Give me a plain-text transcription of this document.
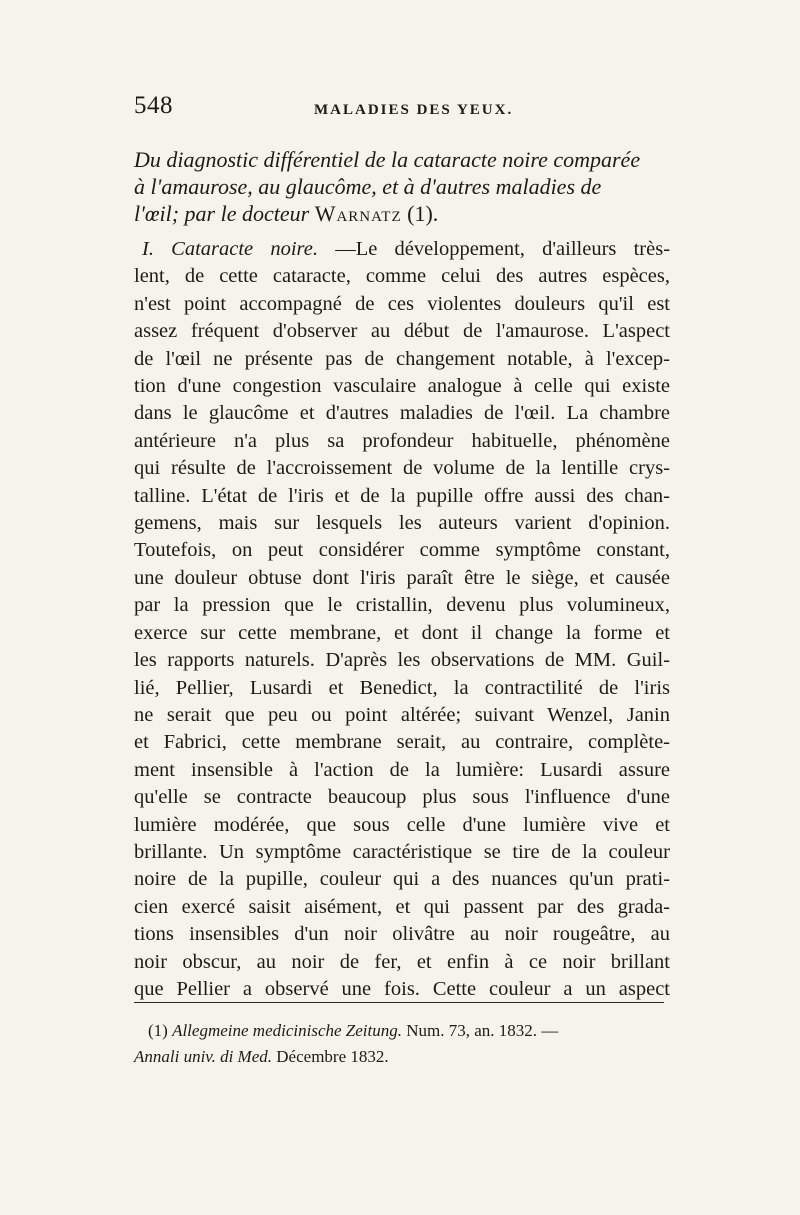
548	MALADIES DES YEUX.
Du diagnostic différentiel de la cataracte noire comparée
à l'amaurose, au glaucôme, et à d'autres maladies de
l'œil; par le docteur Warnatz (1).
I. Cataracte noire. —Le développement, d'ailleurs très-
lent, de cette cataracte, comme celui des autres espèces,
n'est point accompagné de ces violentes douleurs qu'il est
assez fréquent d'observer au début de l'amaurose. L'aspect
de l'œil ne présente pas de changement notable, à l'excep-
tion d'une congestion vasculaire analogue à celle qui existe
dans le glaucôme et d'autres maladies de l'œil. La chambre
antérieure n'a plus sa profondeur habituelle, phénomène
qui résulte de l'accroissement de volume de la lentille crys-
talline. L'état de l'iris et de la pupille offre aussi des chan-
gemens, mais sur lesquels les auteurs varient d'opinion.
Toutefois, on peut considérer comme symptôme constant,
une douleur obtuse dont l'iris paraît être le siège, et causée
par la pression que le cristallin, devenu plus volumineux,
exerce sur cette membrane, et dont il change la forme et
les rapports naturels. D'après les observations de MM. Guil-
lié, Pellier, Lusardi et Benedict, la contractilité de l'iris
ne serait que peu ou point altérée; suivant Wenzel, Janin
et Fabrici, cette membrane serait, au contraire, complète-
ment insensible à l'action de la lumière: Lusardi assure
qu'elle se contracte beaucoup plus sous l'influence d'une
lumière modérée, que sous celle d'une lumière vive et
brillante. Un symptôme caractéristique se tire de la couleur
noire de la pupille, couleur qui a des nuances qu'un prati-
cien exercé saisit aisément, et qui passent par des grada-
tions insensibles d'un noir olivâtre au noir rougeâtre, au
noir obscur, au noir de fer, et enfin à ce noir brillant
que Pellier a observé une fois. Cette couleur a un aspect
(1) Allegmeine medicinische Zeitung. Num. 73, an. 1832. —
Annali univ. di Med. Décembre 1832.
